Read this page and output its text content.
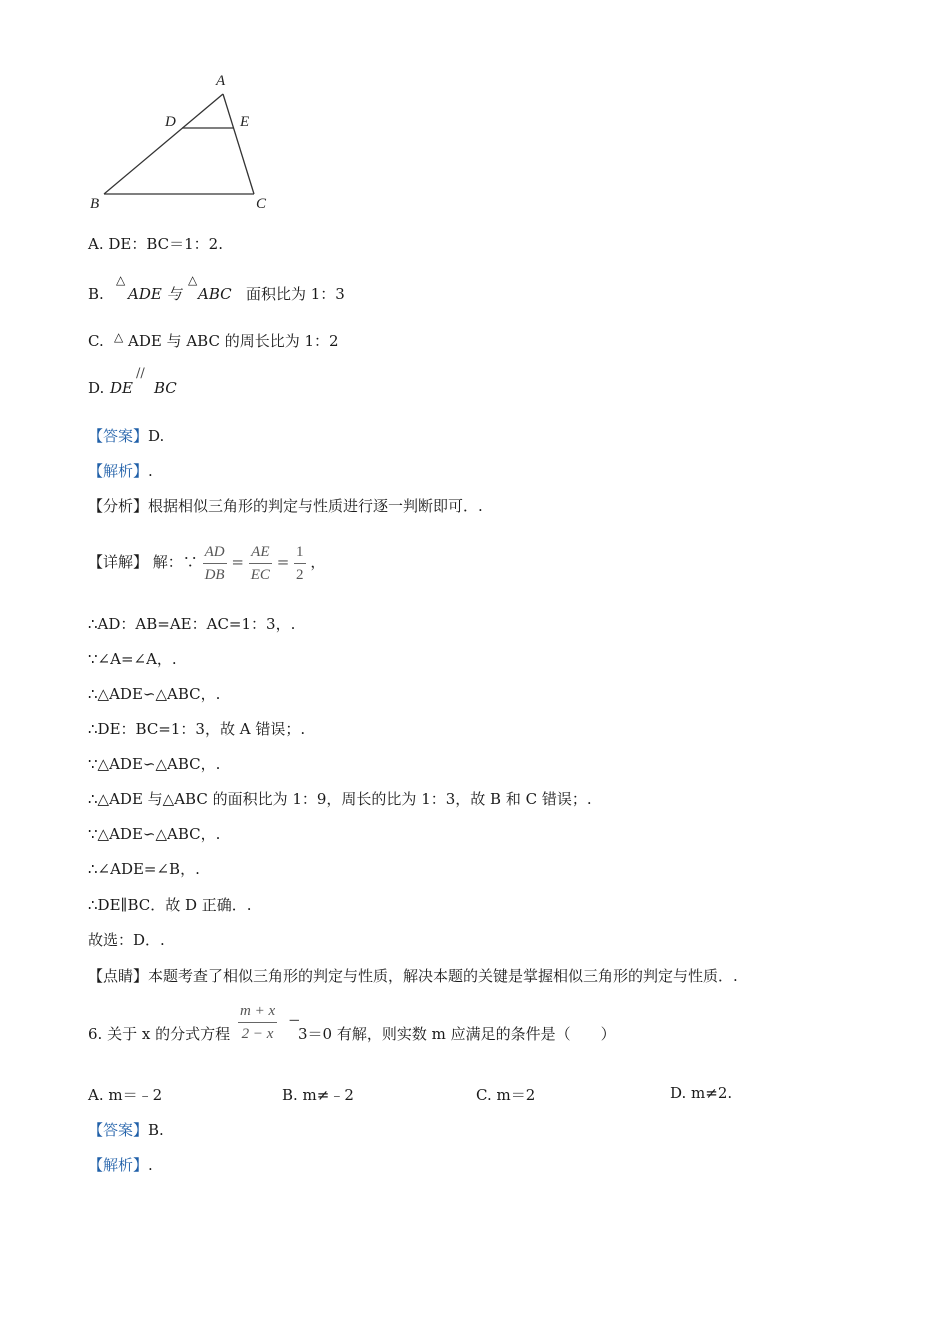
A
D	E
B	C
A. DE：BC＝1：2.
B.
△
ADE 与
△
ABC 面积比为 1：3
C. △ ADE 与 ABC 的周长比为 1：2
D. DE
//
BC
【答案】D.
【解析】.
【分析】根据相似三角形的判定与性质进行逐一判断即可．.
【详解】 解：∵ $\frac{AD}{DB} = \frac{AE}{EC} = \frac{1}{2}$ ，
∴AD：AB=AE：AC=1：3，.
∵∠A=∠A，.
∴△ADE∽△ABC，.
∴DE：BC=1：3，故 A 错误；.
∵△ADE∽△ABC，.
∴△ADE 与△ABC 的面积比为 1：9，周长的比为 1：3，故 B 和 C 错误；.
∵△ADE∽△ABC，.
∴∠ADE=∠B，.
∴DE∥BC．故 D 正确．.
故选：D．.
【点睛】本题考查了相似三角形的判定与性质，解决本题的关键是掌握相似三角形的判定与性质．.
6. 关于 x 的分式方程 $\frac{m + x}{2 - x}$ −
3＝0 有解，则实数 m 应满足的条件是（　　）
A. m＝﹣2	B. m≠﹣2	C. m＝2	D. m≠2.
【答案】B.
【解析】.
